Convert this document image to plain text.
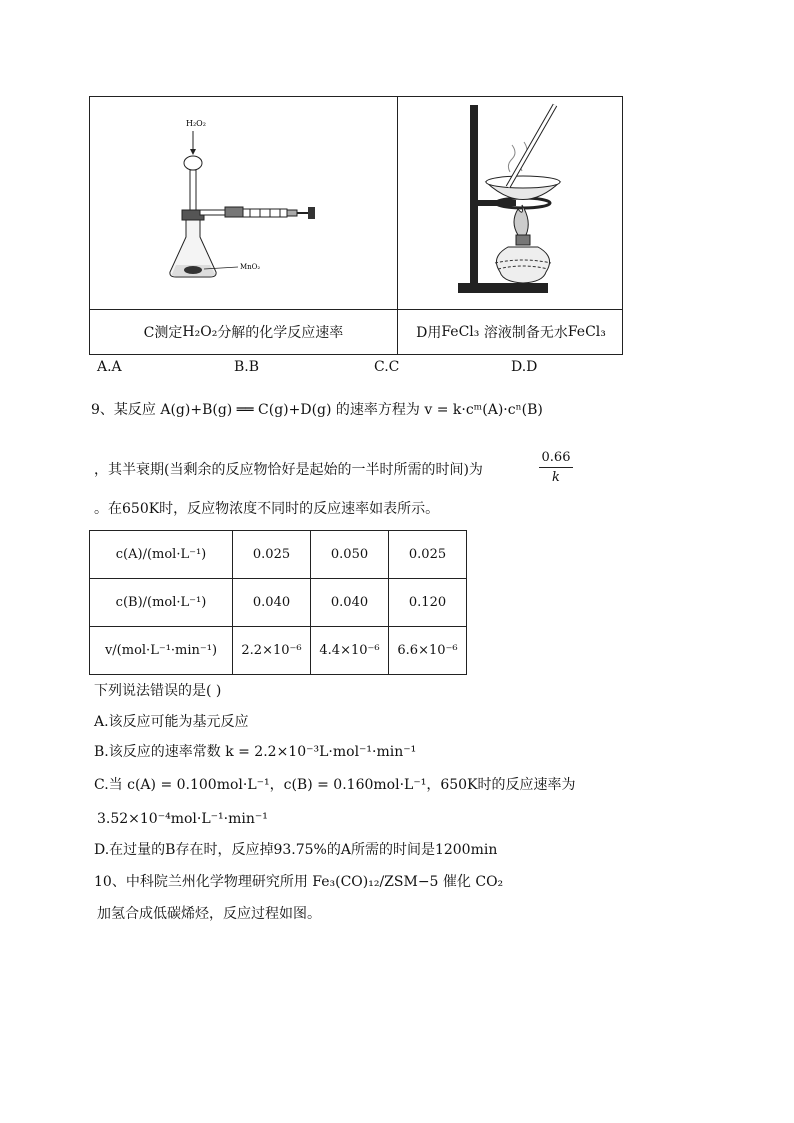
H₂O₂
MnO₂
C测定 H₂O₂ 分解的化学反应速率	D用 FeCl₃
溶液制备无水 FeCl₃
A.A	B.B	C.C	D.D
9、某反应 A(g)+B(g) ══ C(g)+D(g) 的速率方程为 v = k·cᵐ(A)·cⁿ(B)
，其半衰期(当剩余的反应物恰好是起始的一半时所需的时间)为
0.66
k
。在650K时，反应物浓度不同时的反应速率如表所示。
c(A)/(mol·L⁻¹)	0.025	0.050	0.025
c(B)/(mol·L⁻¹)	0.040	0.040	0.120
v/(mol·L⁻¹·min⁻¹)	2.2×10⁻⁶	4.4×10⁻⁶	6.6×10⁻⁶
下列说法错误的是( )
A.该反应可能为基元反应
B.该反应的速率常数 k = 2.2×10⁻³L·mol⁻¹·min⁻¹
C.当 c(A) = 0.100mol·L⁻¹，c(B) = 0.160mol·L⁻¹，650K时的反应速率为
3.52×10⁻⁴mol·L⁻¹·min⁻¹
D.在过量的B存在时，反应掉93.75%的A所需的时间是1200min
10、中科院兰州化学物理研究所用 Fe₃(CO)₁₂/ZSM−5 催化 CO₂
加氢合成低碳烯烃，反应过程如图。
